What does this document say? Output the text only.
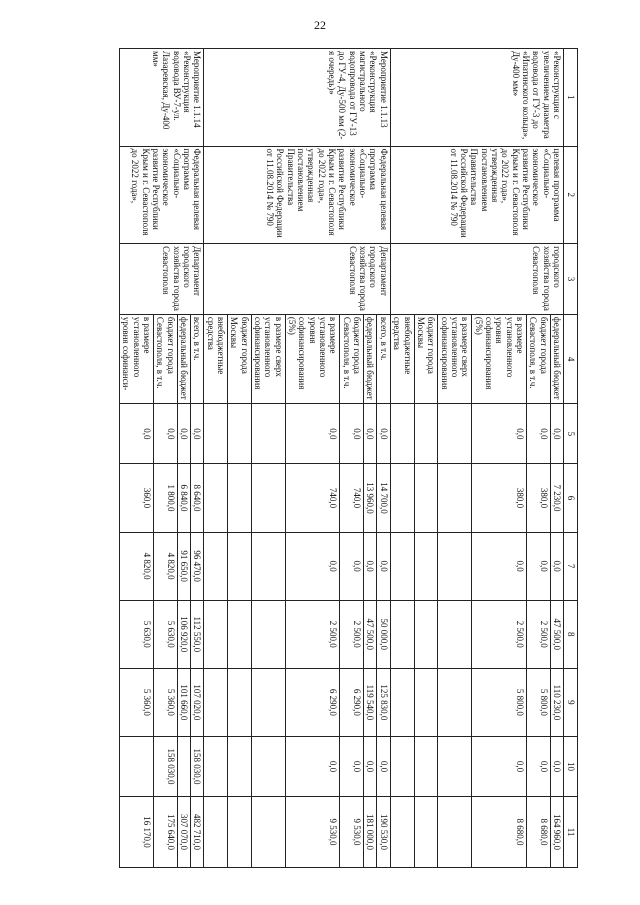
22
1	2	3	4	5	6	7	8	9	10	11
«Реконструкция с увеличением диаметра водовода от ГУ-3 до «Ипатинского кольца», Ду-400 мм»	целевая программа «Социально-экономическое развитие Республики Крым и г. Севастополя до 2022 года», утвержденная постановлением Правительства Российской Федерации от 11.08.2014 № 790	городского хозяйства города Севастополя	федеральный бюджет	0,0	7 230,0	0,0	47 500,0	110 230,0	0,0	164 960,0
			бюджет города Севастополя, в т.ч.	0,0	380,0	0,0	2 500,0	5 800,0	0,0	8 680,0
			в размере установленного уровня софинансирования (5%)	0,0	380,0	0,0	2 500,0	5 800,0	0,0	8 680,0
			в размере сверх установленного софинансирования							
			бюджет города Москвы							
			внебюджетные средства							
Мероприятие 1.1.13 «Реконструкция магистрального водопровода от ГУ-13 до ГУ-4, Ду-500 мм (2-я очередь)»	Федеральная целевая программа «Социально-экономическое развитие Республики Крым и г. Севастополя до 2022 года», утвержденная постановлением Правительства Российской Федерации от 11.08.2014 № 790	Департамент городского хозяйства города Севастополя	всего, в т.ч.	0,0	14 700,0	0,0	50 000,0	125 830,0	0,0	190 530,0
			федеральный бюджет	0,0	13 960,0	0,0	47 500,0	119 540,0	0,0	181 000,0
			бюджет города Севастополя, в т.ч.	0,0	740,0	0,0	2 500,0	6 290,0	0,0	9 530,0
			в размере установленного уровня софинансирования (5%)	0,0	740,0	0,0	2 500,0	6 290,0	0,0	9 530,0
			в размере сверх установленного софинансирования							
			бюджет города Москвы							
			внебюджетные средства							
Мероприятие 1.1.14 «Реконструкция водовода ВУ-7-ул. Лазаревская, Ду-400 мм»	Федеральная целевая программа «Социально-экономическое развитие Республики Крым и г. Севастополя до 2022 года»,	Департамент городского хозяйства города Севастополя	всего, в т.ч.	0,0	8 640,0	96 470,0	112 550,0	107 020,0	158 030,0	482 710,0
			федеральный бюджет	0,0	6 840,0	91 650,0	106 920,0	101 660,0		307 070,0
			бюджет города Севастополя, в т.ч.	0,0	1 800,0	4 820,0	5 630,0	5 360,0	158 030,0	175 640,0
			в размере установленного уровня софинанси-	0,0	360,0	4 820,0	5 630,0	5 360,0		16 170,0
